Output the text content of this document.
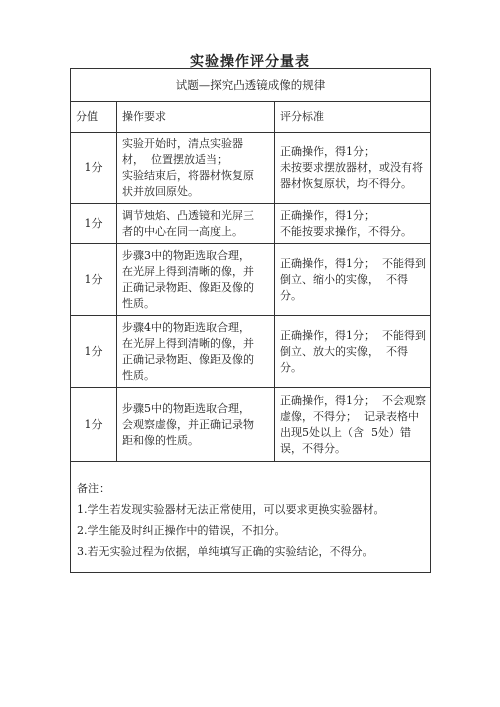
实验操作评分量表
试题—探究凸透镜成像的规律		
分值	操作要求	评分标准
1分	实验开始时，清点实验器
材，  位置摆放适当；
实验结束后，将器材恢复原
状并放回原处。	正确操作，得1分；
未按要求摆放器材，或没有将
器材恢复原状，均不得分。

1分	调节烛焰、凸透镜和光屏三
者的中心在同一高度上。	正确操作，得1分；
不能按要求操作，不得分。

1分	步骤3中的物距选取合理，
在光屏上得到清晰的像，并
正确记录物距、像距及像的
性质。	正确操作，得1分；  不能得到
倒立、缩小的实像，  不得
分。

1分	步骤4中的物距选取合理，
在光屏上得到清晰的像，并
正确记录物距、像距及像的
性质。	正确操作，得1分；  不能得到
倒立、放大的实像，  不得
分。

1分	步骤5中的物距选取合理，
会观察虚像，并正确记录物
距和像的性质。	正确操作，得1分；  不会观察
虚像，不得分；  记录表格中
出现5处以上（含  5处）错
误，不得分。

备注：
1.学生若发现实验器材无法正常使用，可以要求更换实验器材。
2.学生能及时纠正操作中的错误，不扣分。
3.若无实验过程为依据，单纯填写正确的实验结论，不得分。		
